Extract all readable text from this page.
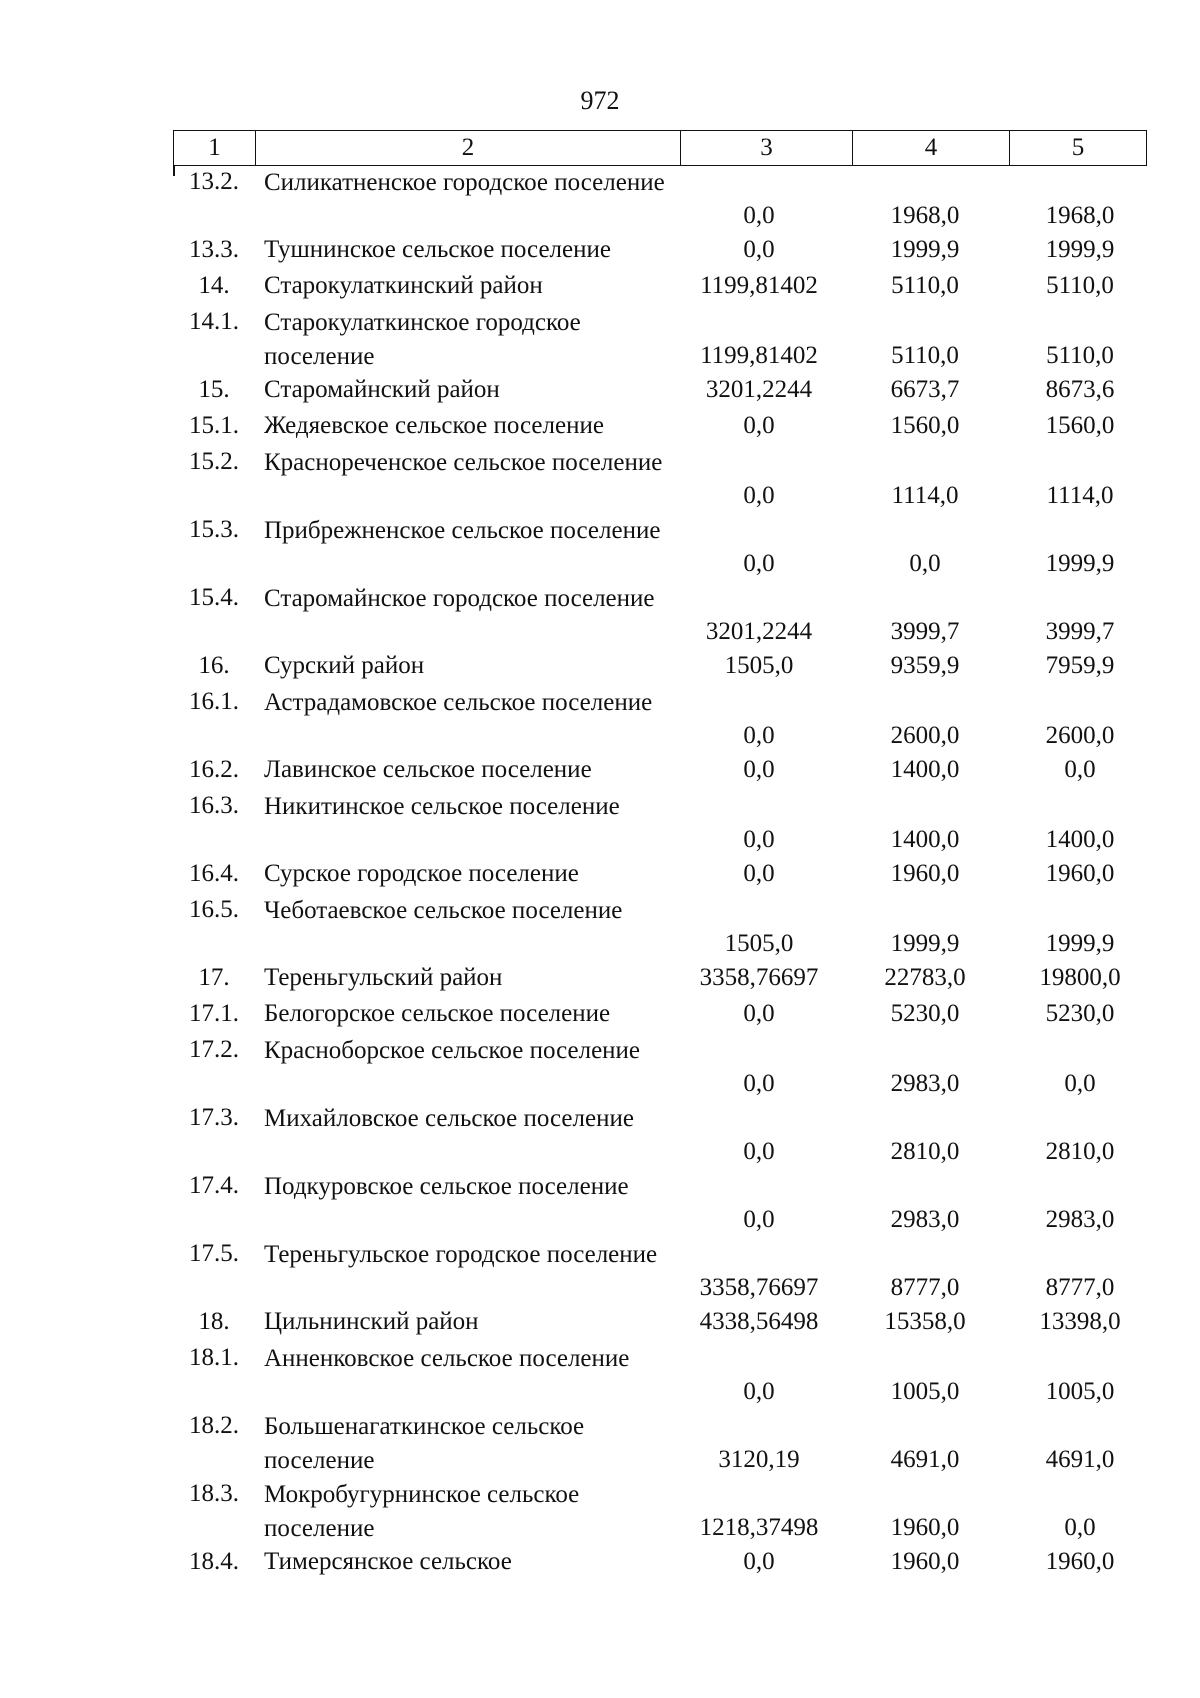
972
1	2	3	4	5
13.2. Силикатненское городское поселение
0,0	1968,0	1968,0
13.3. Тушнинское сельское поселение	0,0	1999,9	1999,9
14.	Старокулаткинский район	1199,81402	5110,0	5110,0
14.1. Старокулаткинское городское поселение	1199,81402	5110,0	5110,0
15.	Старомайнский район	3201,2244	6673,7	8673,6
15.1. Жедяевское сельское поселение	0,0	1560,0	1560,0
15.2. Краснореченское сельское поселение
0,0	1114,0	1114,0
15.3. Прибрежненское сельское поселение
0,0	0,0	1999,9
15.4. Старомайнское городское поселение
3201,2244	3999,7	3999,7
16.	Сурский район	1505,0	9359,9	7959,9
16.1. Астрадамовское сельское поселение
0,0	2600,0	2600,0
16.2. Лавинское сельское поселение	0,0	1400,0	0,0
16.3. Никитинское сельское поселение
0,0	1400,0	1400,0
16.4. Сурское городское поселение	0,0	1960,0	1960,0
16.5. Чеботаевское сельское поселение
1505,0	1999,9	1999,9
17.	Тереньгульский район	3358,76697	22783,0	19800,0
17.1. Белогорское сельское поселение	0,0	5230,0	5230,0
17.2. Красноборское сельское поселение
0,0	2983,0	0,0
17.3. Михайловское сельское поселение
0,0	2810,0	2810,0
17.4. Подкуровское сельское поселение
0,0	2983,0	2983,0
17.5. Тереньгульское городское поселение
3358,76697	8777,0	8777,0
18.	Цильнинский район	4338,56498	15358,0	13398,0
18.1. Анненковское сельское поселение
0,0	1005,0	1005,0
18.2. Большенагаткинское сельское поселение	3120,19	4691,0	4691,0
18.3. Мокробугурнинское сельское поселение	1218,37498	1960,0	0,0
18.4. Тимерсянское сельское	0,0	1960,0	1960,0
